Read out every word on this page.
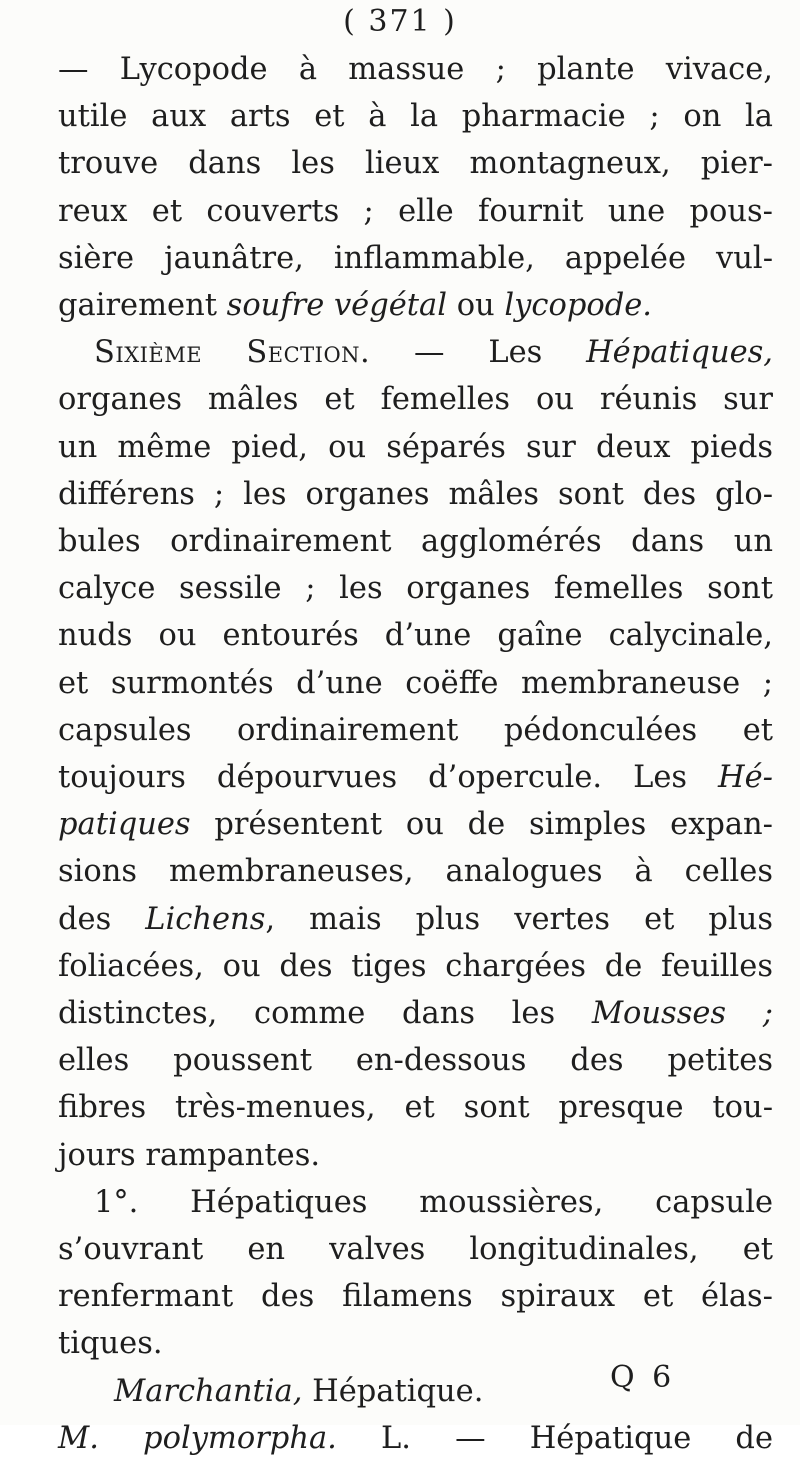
( 371 )
— Lycopode à massue ; plante vivace,
utile aux arts et à la pharmacie ; on la
trouve dans les lieux montagneux, pier-
reux et couverts ; elle fournit une pous-
sière jaunâtre, inflammable, appelée vul-
gairement soufre végétal ou lycopode.
Sixième Section. — Les Hépatiques,
organes mâles et femelles ou réunis sur
un même pied, ou séparés sur deux pieds
différens ; les organes mâles sont des glo-
bules ordinairement agglomérés dans un
calyce sessile ; les organes femelles sont
nuds ou entourés d’une gaîne calycinale,
et surmontés d’une coëffe membraneuse ;
capsules ordinairement pédonculées et
toujours dépourvues d’opercule. Les Hé-
patiques présentent ou de simples expan-
sions membraneuses, analogues à celles
des Lichens, mais plus vertes et plus
foliacées, ou des tiges chargées de feuilles
distinctes, comme dans les Mousses ;
elles poussent en-dessous des petites
fibres très-menues, et sont presque tou-
jours rampantes.
1°. Hépatiques moussières, capsule
s’ouvrant en valves longitudinales, et
renfermant des filamens spiraux et élas-
tiques.
Marchantia, Hépatique.
M. polymorpha. L. — Hépatique de
Q 6
